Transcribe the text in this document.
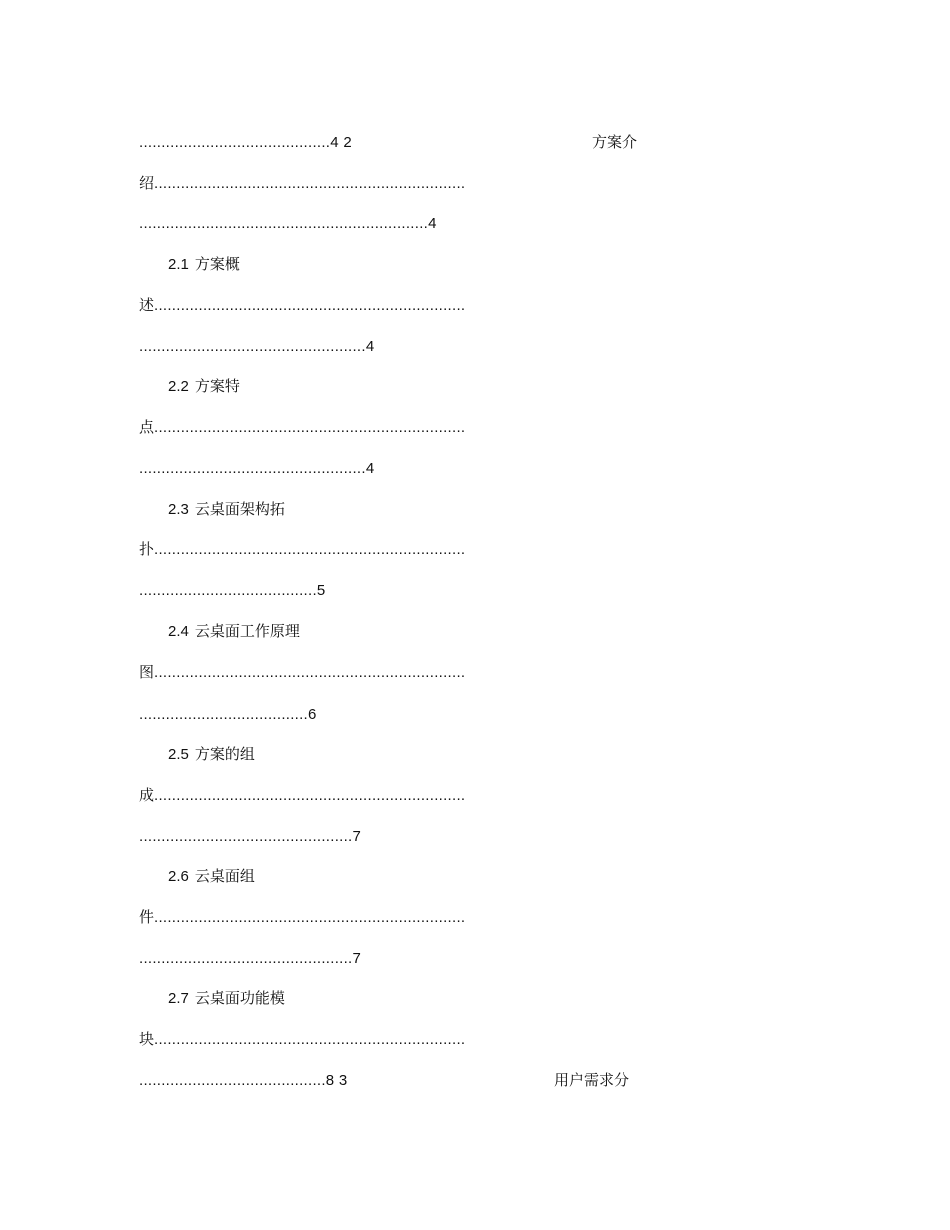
...........................................4 2	方案介
绍......................................................................
.................................................................4
2.1 方案概
述......................................................................
...................................................4
2.2 方案特
点......................................................................
...................................................4
2.3 云桌面架构拓
扑......................................................................
........................................5
2.4 云桌面工作原理
图......................................................................
......................................6
2.5 方案的组
成......................................................................
................................................7
2.6 云桌面组
件......................................................................
................................................7
2.7 云桌面功能模
块......................................................................
..........................................8 3	用户需求分
